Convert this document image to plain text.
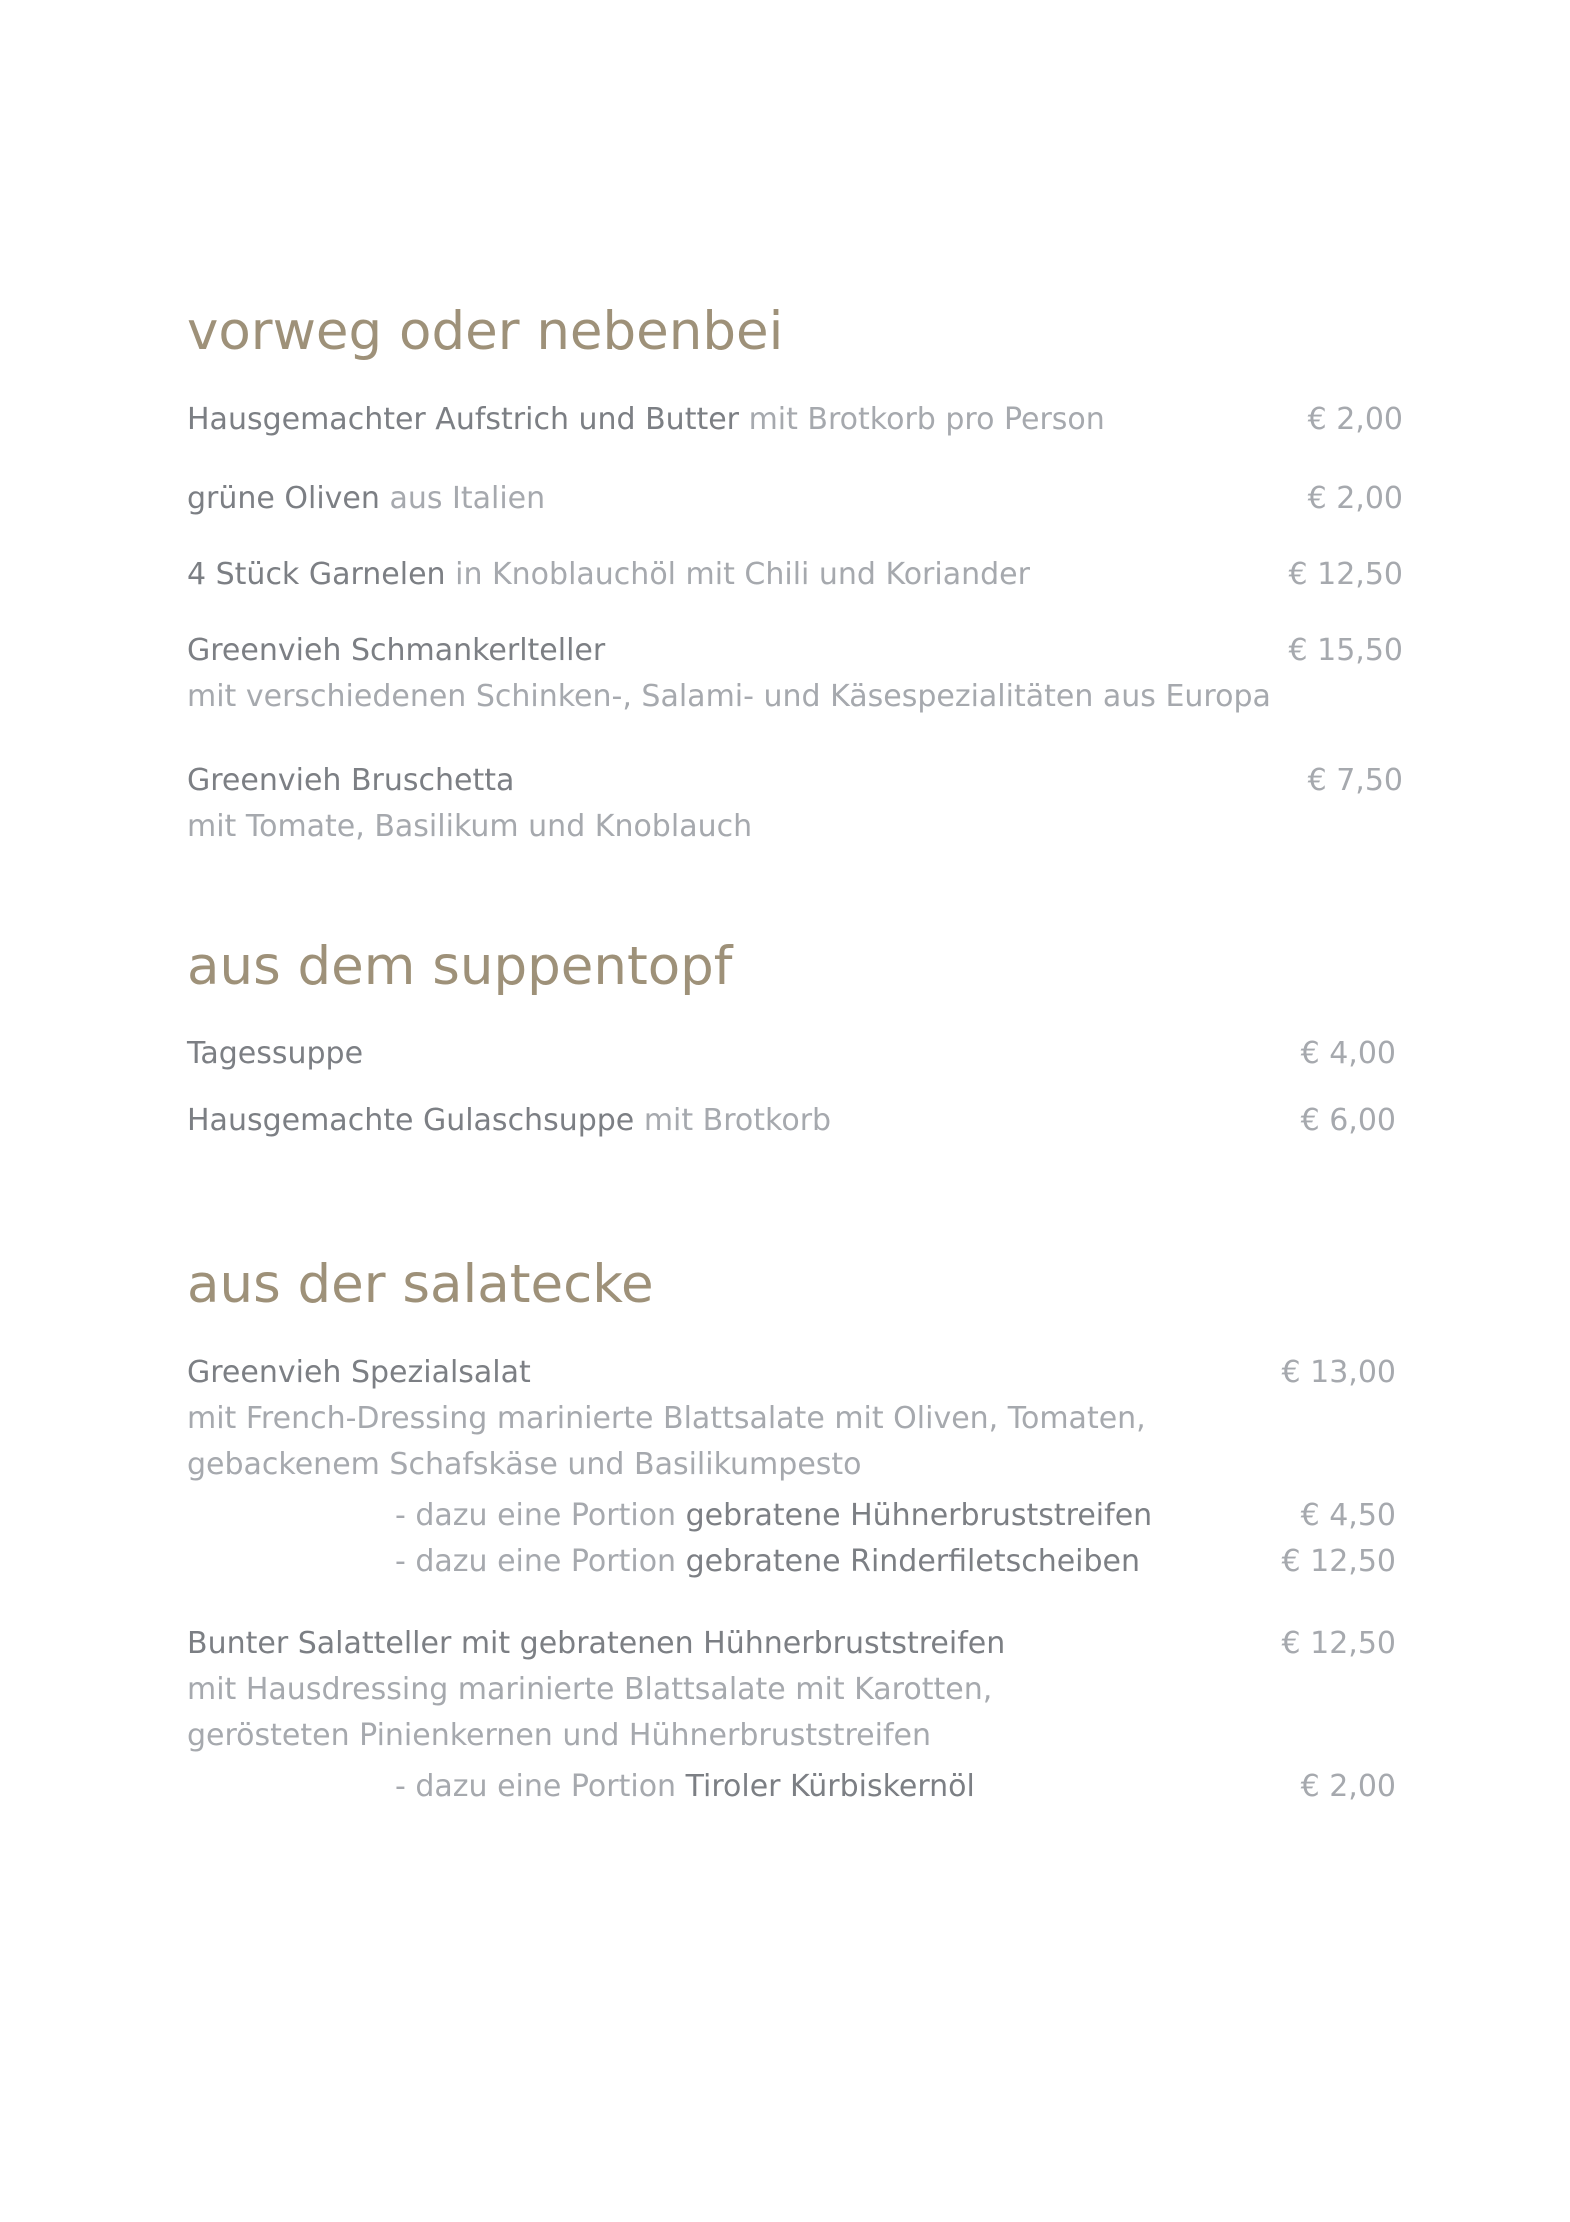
vorweg oder nebenbei
Hausgemachter Aufstrich und Butter mit Brotkorb pro Person	€ 2,00
grüne Oliven aus Italien	€ 2,00
4 Stück Garnelen in Knoblauchöl mit Chili und Koriander	€ 12,50
Greenvieh Schmankerlteller	€ 15,50
mit verschiedenen Schinken-, Salami- und Käsespezialitäten aus Europa
Greenvieh Bruschetta	€ 7,50
mit Tomate, Basilikum und Knoblauch
aus dem suppentopf
Tagessuppe	€ 4,00
Hausgemachte Gulaschsuppe mit Brotkorb	€ 6,00
aus der salatecke
Greenvieh Spezialsalat	€ 13,00
mit French-Dressing marinierte Blattsalate mit Oliven, Tomaten,
gebackenem Schafskäse und Basilikumpesto
- dazu eine Portion gebratene Hühnerbruststreifen	€ 4,50
- dazu eine Portion gebratene Rinderfiletscheiben	€ 12,50
Bunter Salatteller mit gebratenen Hühnerbruststreifen	€ 12,50
mit Hausdressing marinierte Blattsalate mit Karotten,
gerösteten Pinienkernen und Hühnerbruststreifen
- dazu eine Portion Tiroler Kürbiskernöl	€ 2,00
